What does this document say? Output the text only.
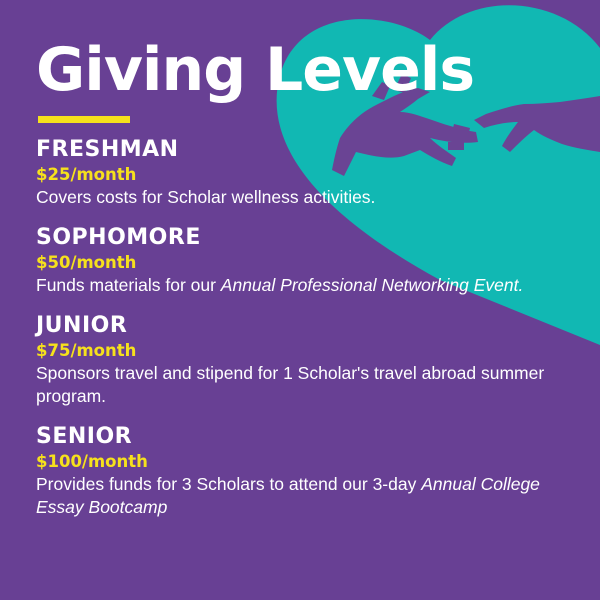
Giving Levels
FRESHMAN
$25/month
Covers costs for Scholar wellness activities.
SOPHOMORE
$50/month
Funds materials for our Annual Professional Networking Event.
JUNIOR
$75/month
Sponsors travel and stipend for 1 Scholar's travel abroad summer program.
SENIOR
$100/month
Provides funds for 3 Scholars to attend our 3-day Annual College Essay Bootcamp
